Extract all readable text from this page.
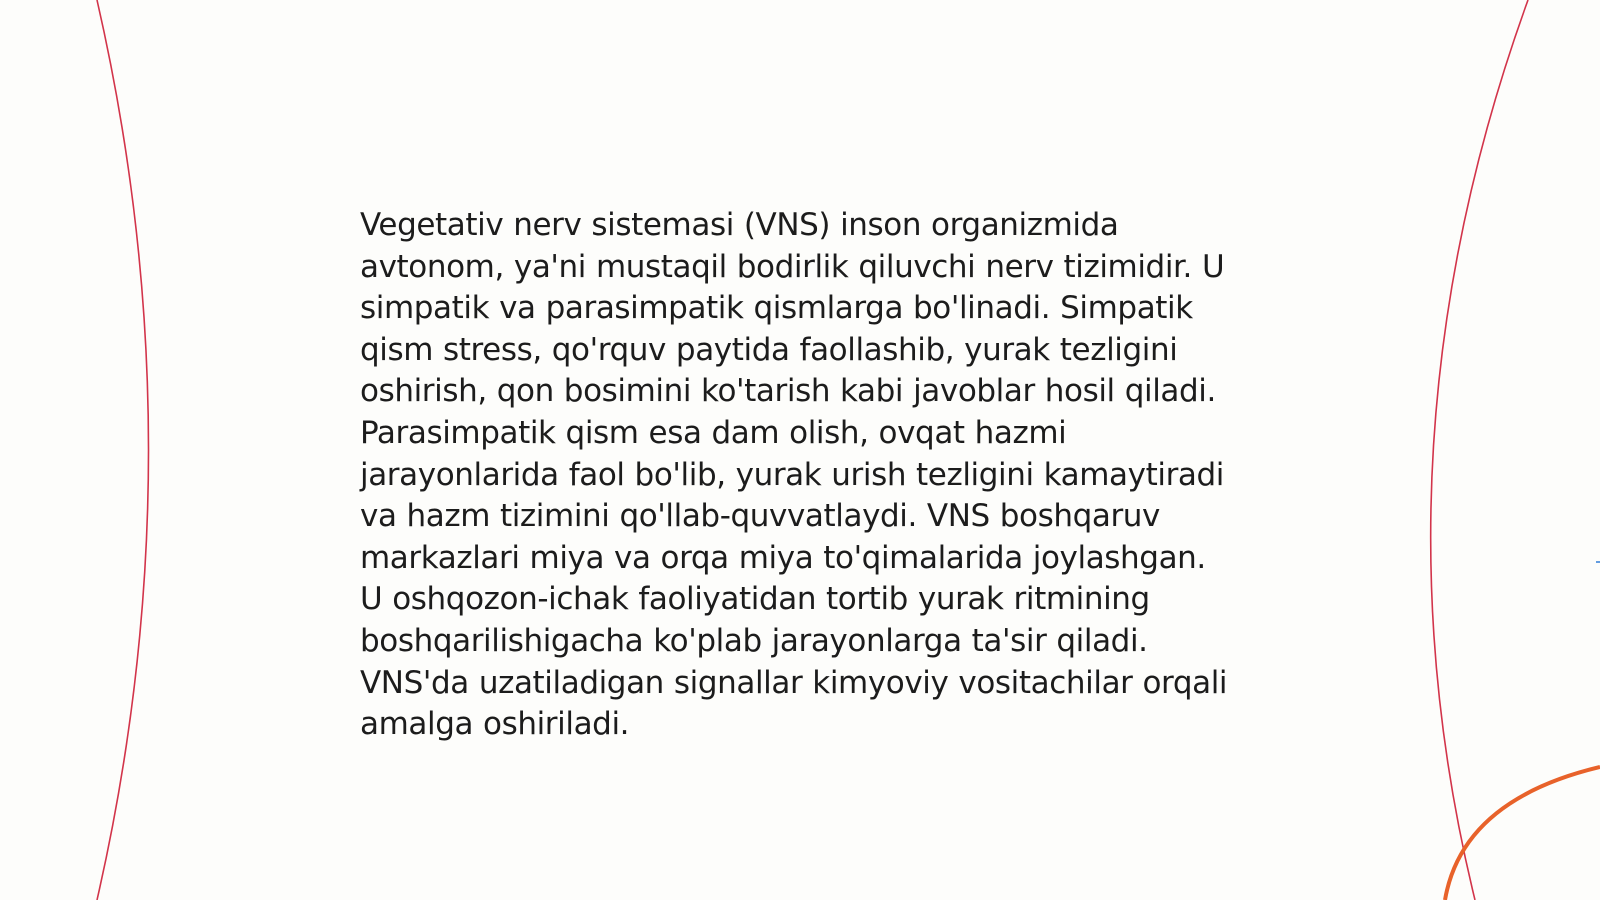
Vegetativ nerv sistemasi (VNS) inson organizmida avtonom, ya'ni mustaqil bodirlik qiluvchi nerv tizimidir. U simpatik va parasimpatik qismlarga bo'linadi. Simpatik qism stress, qo'rquv paytida faollashib, yurak tezligini oshirish, qon bosimini ko'tarish kabi javoblar hosil qiladi. Parasimpatik qism esa dam olish, ovqat hazmi jarayonlarida faol bo'lib, yurak urish tezligini kamaytiradi va hazm tizimini qo'llab-quvvatlaydi. VNS boshqaruv markazlari miya va orqa miya to'qimalarida joylashgan. U oshqozon-ichak faoliyatidan tortib yurak ritmining boshqarilishigacha ko'plab jarayonlarga ta'sir qiladi. VNS'da uzatiladigan signallar kimyoviy vositachilar orqali amalga oshiriladi.
